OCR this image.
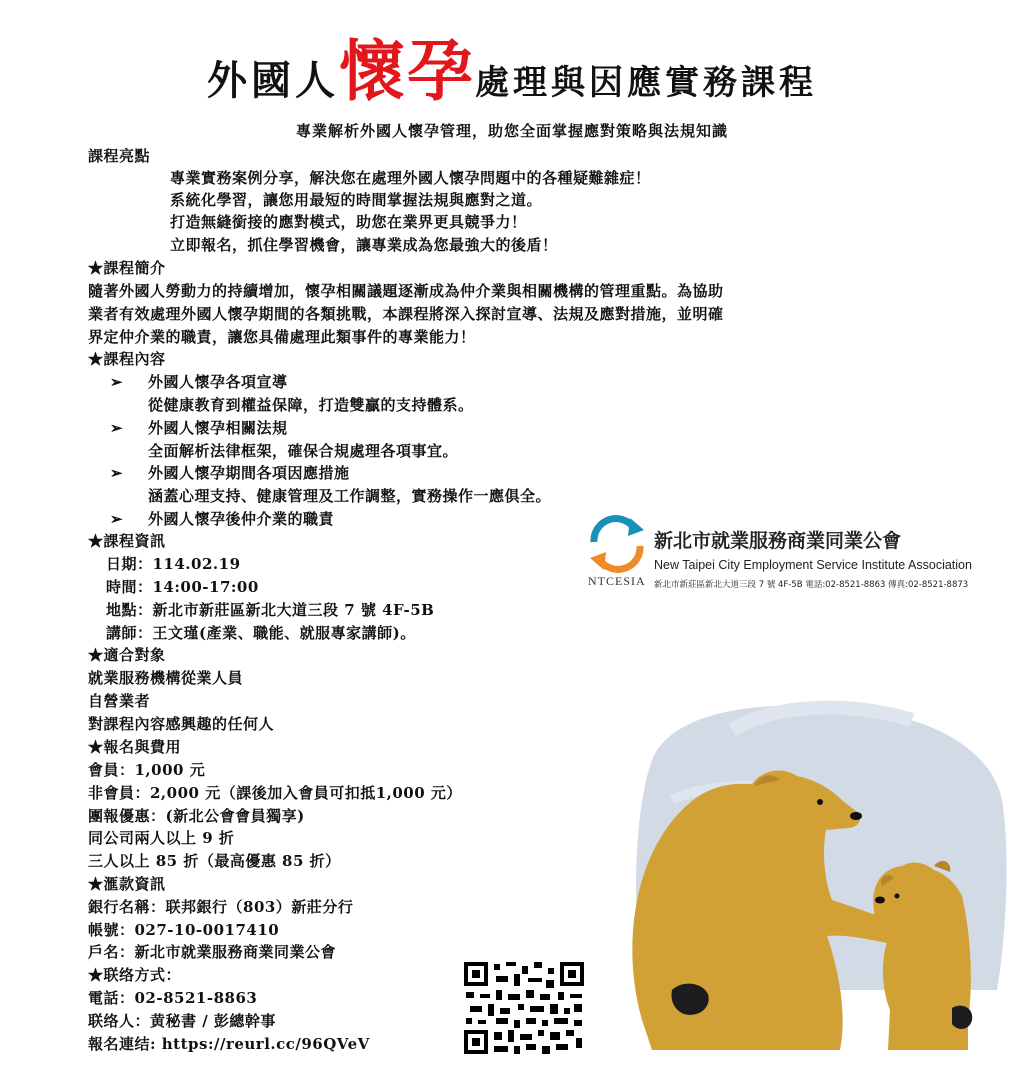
外國人懷孕處理與因應實務課程
專業解析外國人懷孕管理，助您全面掌握應對策略與法規知識
課程亮點
專業實務案例分享，解決您在處理外國人懷孕問題中的各種疑難雜症！
系統化學習，讓您用最短的時間掌握法規與應對之道。
打造無縫銜接的應對模式，助您在業界更具競爭力！
立即報名，抓住學習機會，讓專業成為您最強大的後盾！
★課程簡介
隨著外國人勞動力的持續增加，懷孕相關議題逐漸成為仲介業與相關機構的管理重點。為協助
業者有效處理外國人懷孕期間的各類挑戰，本課程將深入探討宣導、法規及應對措施，並明確
界定仲介業的職責，讓您具備處理此類事件的專業能力！
★課程內容
➢ 外國人懷孕各項宣導
從健康教育到權益保障，打造雙贏的支持體系。
➢ 外國人懷孕相關法規
全面解析法律框架，確保合規處理各項事宜。
➢ 外國人懷孕期間各項因應措施
涵蓋心理支持、健康管理及工作調整，實務操作一應俱全。
➢ 外國人懷孕後仲介業的職責
★課程資訊
日期：114.02.19
時間：14:00-17:00
地點：新北市新莊區新北大道三段 7 號 4F-5B
講師：王文瑾(產業、職能、就服專家講師)。
★適合對象
就業服務機構從業人員
自營業者
對課程內容感興趣的任何人
★報名與費用
會員：1,000 元
非會員：2,000 元（課後加入會員可扣抵1,000 元）
團報優惠：(新北公會會員獨享)
同公司兩人以上 9 折
三人以上 85 折（最高優惠 85 折）
★滙款資訊
銀行名稱：联邦銀行（803）新莊分行
帳號：027-10-0017410
戶名：新北市就業服務商業同業公會
★联络方式：
電話：02-8521-8863
联络人：黄秘書 / 彭總幹事
報名連结: https://reurl.cc/96QVeV
NTCESIA
新北市就業服務商業同業公會
New Taipei City Employment Service Institute Association
新北市新莊區新北大道三段 7 號 4F-5B 電話:02-8521-8863 傳真:02-8521-8873
